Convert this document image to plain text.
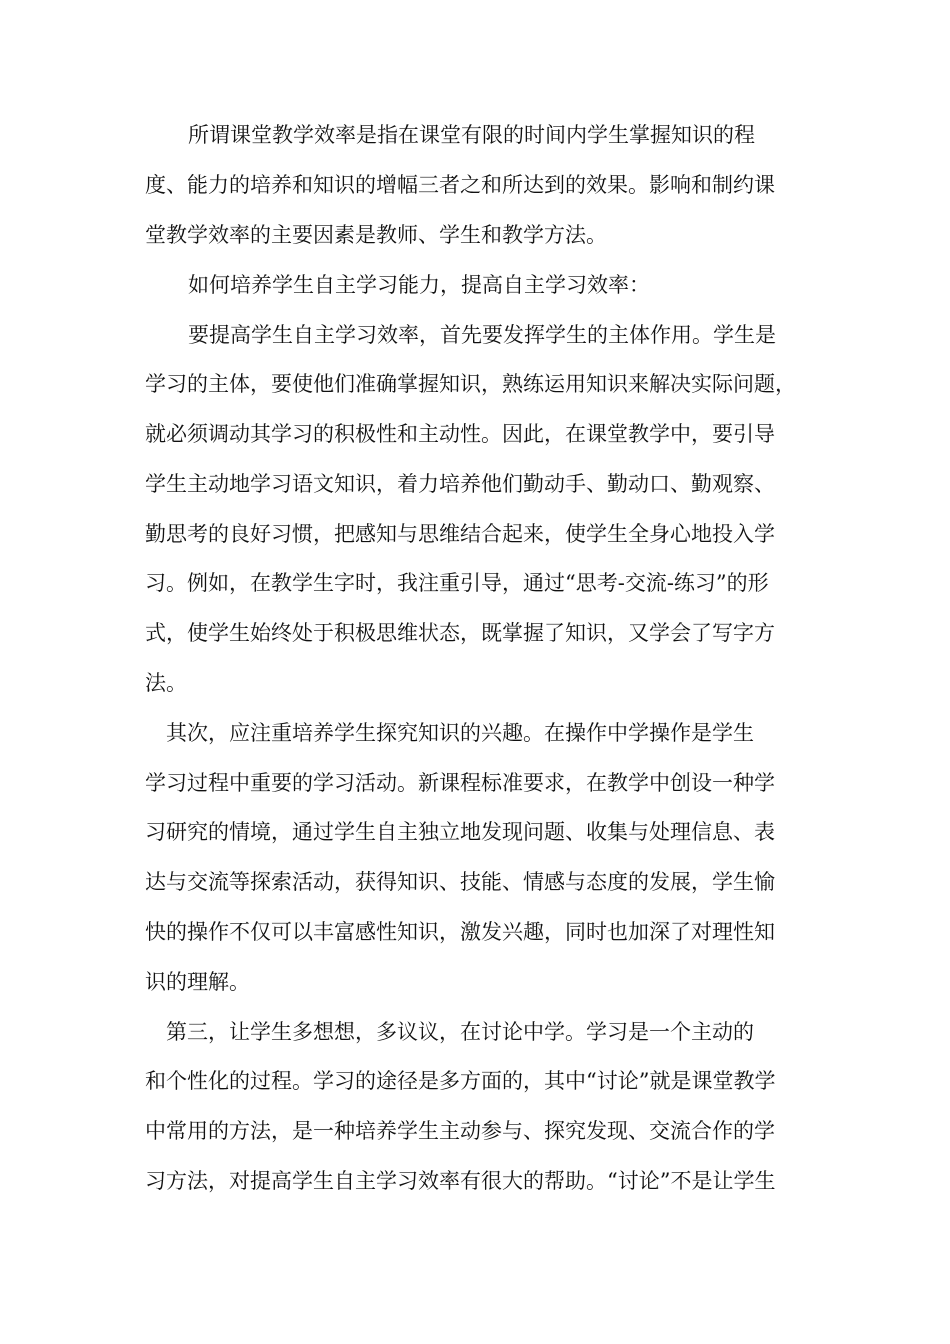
所谓课堂教学效率是指在课堂有限的时间内学生掌握知识的程
度、能力的培养和知识的增幅三者之和所达到的效果。影响和制约课
堂教学效率的主要因素是教师、学生和教学方法。
如何培养学生自主学习能力，提高自主学习效率：
要提高学生自主学习效率，首先要发挥学生的主体作用。学生是
学习的主体，要使他们准确掌握知识，熟练运用知识来解决实际问题，
就必须调动其学习的积极性和主动性。因此，在课堂教学中，要引导
学生主动地学习语文知识，着力培养他们勤动手、勤动口、勤观察、
勤思考的良好习惯，把感知与思维结合起来，使学生全身心地投入学
习。例如，在教学生字时，我注重引导，通过“思考-交流-练习”的形
式，使学生始终处于积极思维状态，既掌握了知识，又学会了写字方
法。
其次，应注重培养学生探究知识的兴趣。在操作中学操作是学生
学习过程中重要的学习活动。新课程标准要求，在教学中创设一种学
习研究的情境，通过学生自主独立地发现问题、收集与处理信息、表
达与交流等探索活动，获得知识、技能、情感与态度的发展，学生愉
快的操作不仅可以丰富感性知识，激发兴趣，同时也加深了对理性知
识的理解。
第三，让学生多想想，多议议，在讨论中学。学习是一个主动的
和个性化的过程。学习的途径是多方面的，其中“讨论”就是课堂教学
中常用的方法，是一种培养学生主动参与、探究发现、交流合作的学
习方法，对提高学生自主学习效率有很大的帮助。“讨论”不是让学生
